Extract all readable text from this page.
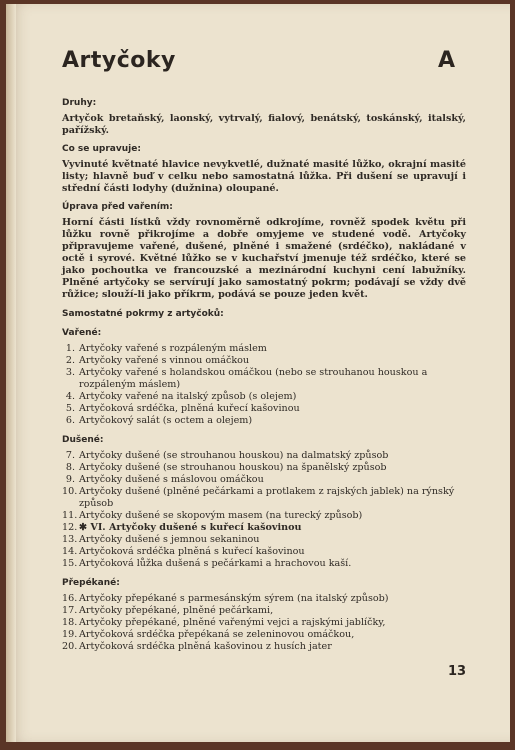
Artyčoky	A
Druhy:
Artyčok bretaňský, laonský, vytrvalý, fialový, benátský, toskánský, italský, pařížský.
Co se upravuje:
Vyvinuté květnaté hlavice nevykvetlé, dužnaté masité lůžko, okrajní masité listy; hlavně buď v celku nebo samostatná lůžka. Při dušení se upravují i střední části lodyhy (dužnina) oloupané.
Úprava před vařením:
Horní části lístků vždy rovnoměrně odkrojíme, rovněž spodek květu při lůžku rovně přikrojíme a dobře omyjeme ve studené vodě. Artyčoky připravujeme vařené, dušené, plněné i smažené (srdéčko), nakládané v octě i syrové. Květné lůžko se v kuchařství jmenuje též srdéčko, které se jako pochoutka ve francouzské a mezinárodní kuchyni cení labužníky. Plněné artyčoky se servírují jako samostatný pokrm; podávají se vždy dvě růžice; slouží-li jako příkrm, podává se pouze jeden květ.
Samostatné pokrmy z artyčoků:
Vařené:
1. Artyčoky vařené s rozpáleným máslem
2. Artyčoky vařené s vinnou omáčkou
3. Artyčoky vařené s holandskou omáčkou (nebo se strouhanou houskou a rozpáleným máslem)
4. Artyčoky vařené na italský způsob (s olejem)
5. Artyčoková srdéčka, plněná kuřecí kašovinou
6. Artyčokový salát (s octem a olejem)
Dušené:
7. Artyčoky dušené (se strouhanou houskou) na dalmatský způsob
8. Artyčoky dušené (se strouhanou houskou) na španělský způsob
9. Artyčoky dušené s máslovou omáčkou
10. Artyčoky dušené (plněné pečárkami a protlakem z rajských jablek) na rýnský způsob
11. Artyčoky dušené se skopovým masem (na turecký způsob)
12. ✱ VI. Artyčoky dušené s kuřecí kašovinou
13. Artyčoky dušené s jemnou sekaninou
14. Artyčoková srdéčka plněná s kuřecí kašovinou
15. Artyčoková lůžka dušená s pečárkami a hrachovou kaší.
Přepékané:
16. Artyčoky přepékané s parmesánským sýrem (na italský způsob)
17. Artyčoky přepékané, plněné pečárkami,
18. Artyčoky přepékané, plněné vařenými vejci a rajskými jablíčky,
19. Artyčoková srdéčka přepékaná se zeleninovou omáčkou,
20. Artyčoková srdéčka plněná kašovinou z husích jater
13
